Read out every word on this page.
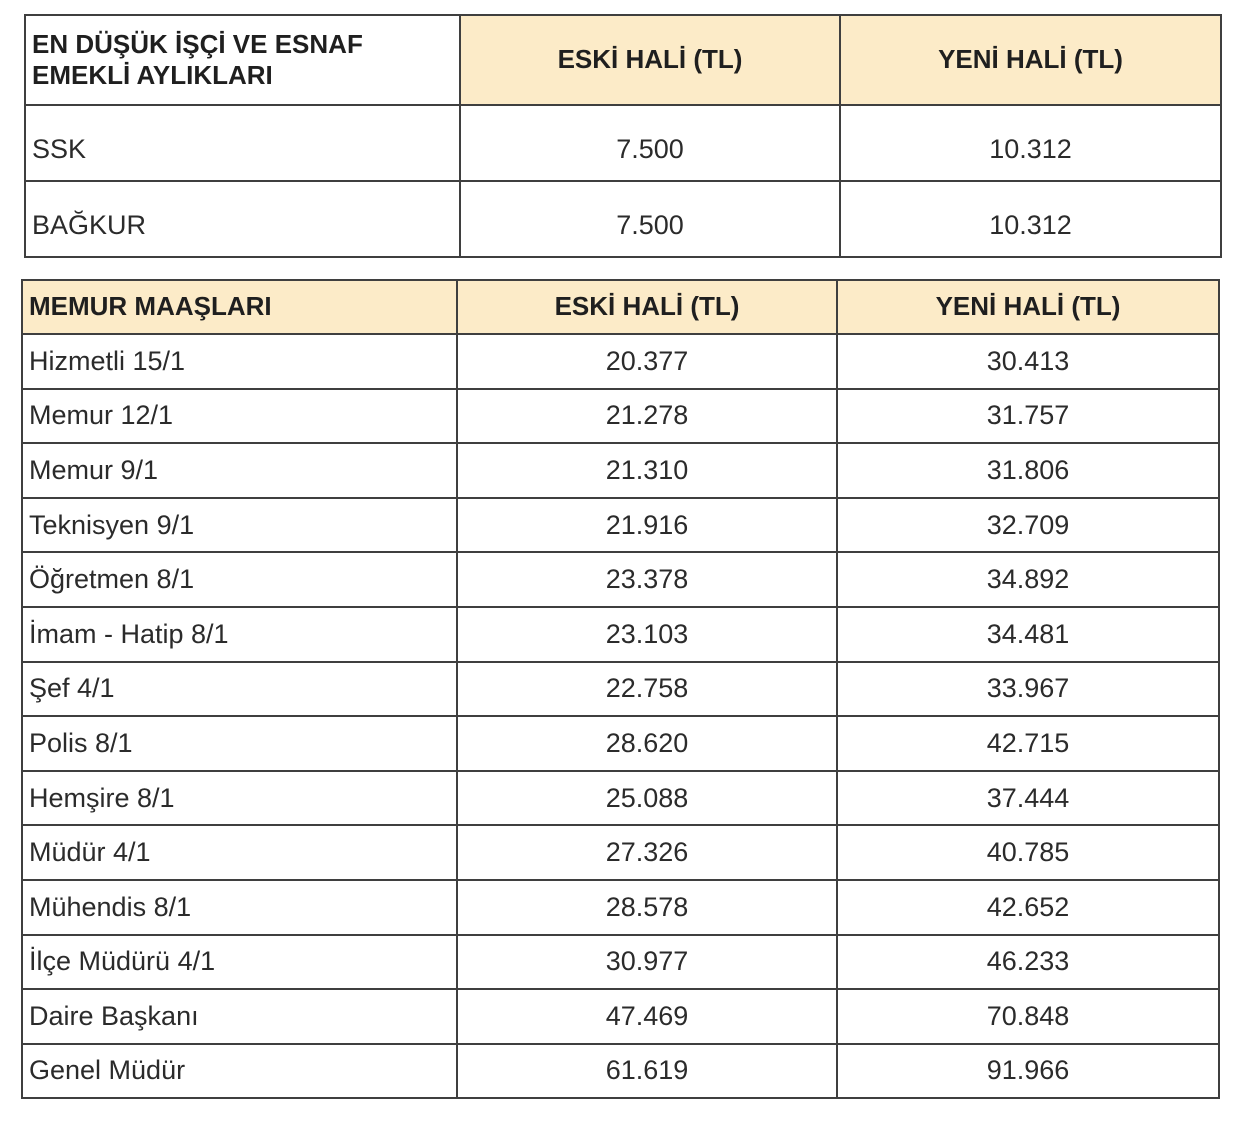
EN DÜŞÜK İŞÇİ VE ESNAF EMEKLİ AYLIKLARI	ESKİ HALİ (TL)	YENİ HALİ (TL)
SSK	7.500	10.312
BAĞKUR	7.500	10.312
MEMUR MAAŞLARI	ESKİ HALİ (TL)	YENİ HALİ (TL)
Hizmetli 15/1	20.377	30.413
Memur 12/1	21.278	31.757
Memur 9/1	21.310	31.806
Teknisyen 9/1	21.916	32.709
Öğretmen 8/1	23.378	34.892
İmam - Hatip 8/1	23.103	34.481
Şef 4/1	22.758	33.967
Polis 8/1	28.620	42.715
Hemşire 8/1	25.088	37.444
Müdür 4/1	27.326	40.785
Mühendis 8/1	28.578	42.652
İlçe Müdürü 4/1	30.977	46.233
Daire Başkanı	47.469	70.848
Genel Müdür	61.619	91.966
